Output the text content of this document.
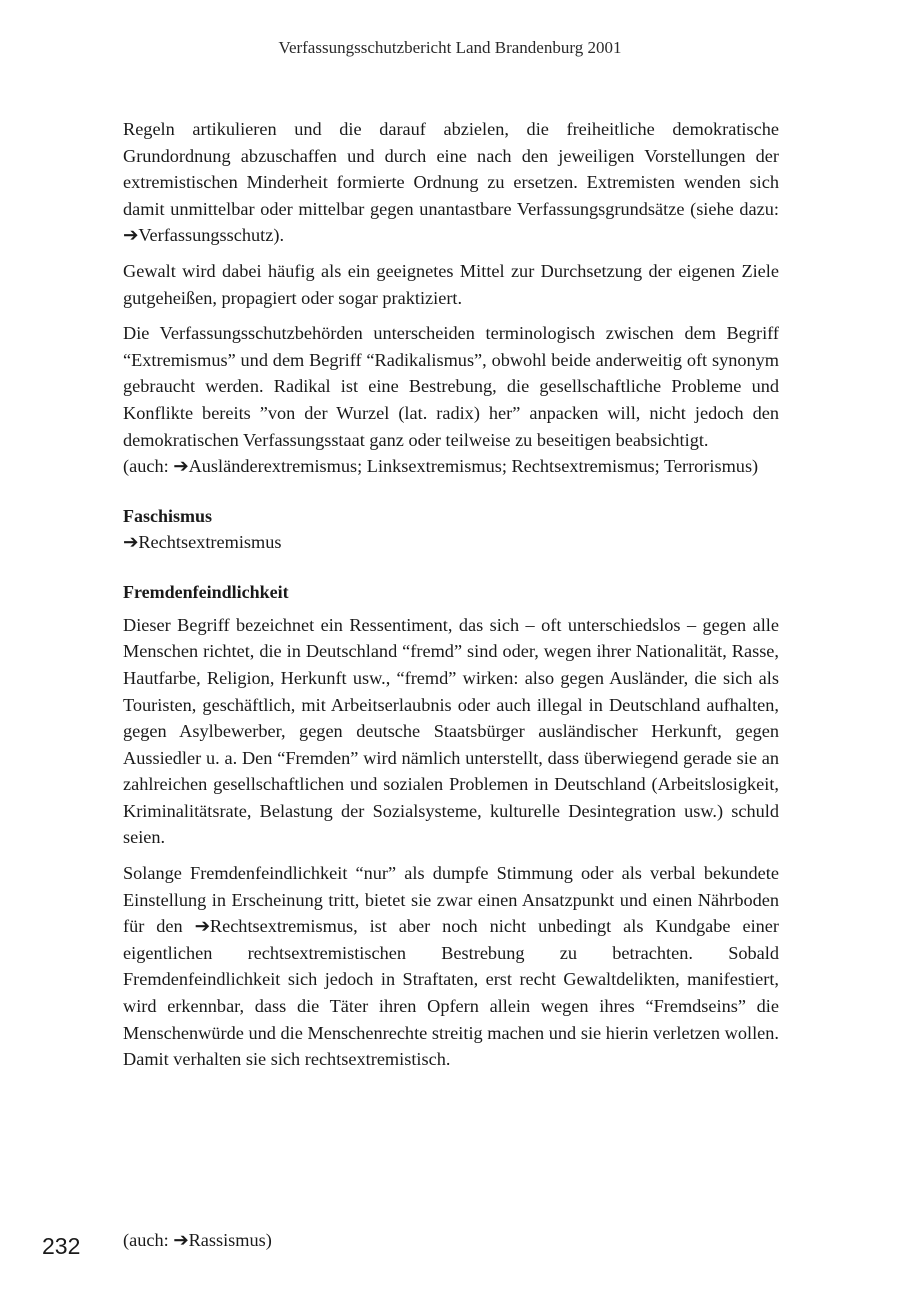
Verfassungsschutzbericht Land Brandenburg 2001

Regeln artikulieren und die darauf abzielen, die freiheitliche demokratische Grundordnung abzuschaffen und durch eine nach den jeweiligen Vorstellungen der extremistischen Minderheit formierte Ordnung zu ersetzen. Extremisten wenden sich damit unmittelbar oder mittelbar gegen unantastbare Verfassungsgrundsätze (siehe dazu: ➔Verfassungsschutz).

Gewalt wird dabei häufig als ein geeignetes Mittel zur Durchsetzung der eigenen Ziele gutgeheißen, propagiert oder sogar praktiziert.

Die Verfassungsschutzbehörden unterscheiden terminologisch zwischen dem Begriff “Extremismus” und dem Begriff “Radikalismus”, obwohl beide anderweitig oft synonym gebraucht werden. Radikal ist eine Bestrebung, die gesellschaftliche Probleme und Konflikte bereits ”von der Wurzel (lat. radix) her” anpacken will, nicht jedoch den demokratischen Verfassungsstaat ganz oder teilweise zu beseitigen beabsichtigt.

(auch: ➔Ausländerextremismus; Linksextremismus; Rechtsextremismus; Terrorismus)

Faschismus

➔Rechtsextremismus

Fremdenfeindlichkeit

Dieser Begriff bezeichnet ein Ressentiment, das sich – oft unterschiedslos – gegen alle Menschen richtet, die in Deutschland “fremd” sind oder, wegen ihrer Nationalität, Rasse, Hautfarbe, Religion, Herkunft usw., “fremd” wirken: also gegen Ausländer, die sich als Touristen, geschäftlich, mit Arbeitserlaubnis oder auch illegal in Deutschland aufhalten, gegen Asylbewerber, gegen deutsche Staatsbürger ausländischer Herkunft, gegen Aussiedler u. a. Den “Fremden” wird nämlich unterstellt, dass überwiegend gerade sie an zahlreichen gesellschaftlichen und sozialen Problemen in Deutschland (Arbeitslosigkeit, Kriminalitätsrate, Belastung der Sozialsysteme, kulturelle Desintegration usw.) schuld seien.

Solange Fremdenfeindlichkeit “nur” als dumpfe Stimmung oder als verbal bekundete Einstellung in Erscheinung tritt, bietet sie zwar einen Ansatzpunkt und einen Nährboden für den ➔Rechtsextremismus, ist aber noch nicht unbedingt als Kundgabe einer eigentlichen rechtsextremistischen Bestrebung zu betrachten. Sobald Fremdenfeindlichkeit sich jedoch in Straftaten, erst recht Gewaltdelikten, manifestiert, wird erkennbar, dass die Täter ihren Opfern allein wegen ihres “Fremdseins” die Menschenwürde und die Menschenrechte streitig machen und sie hierin verletzen wollen. Damit verhalten sie sich rechtsextremistisch.

232 (auch: ➔Rassismus)
